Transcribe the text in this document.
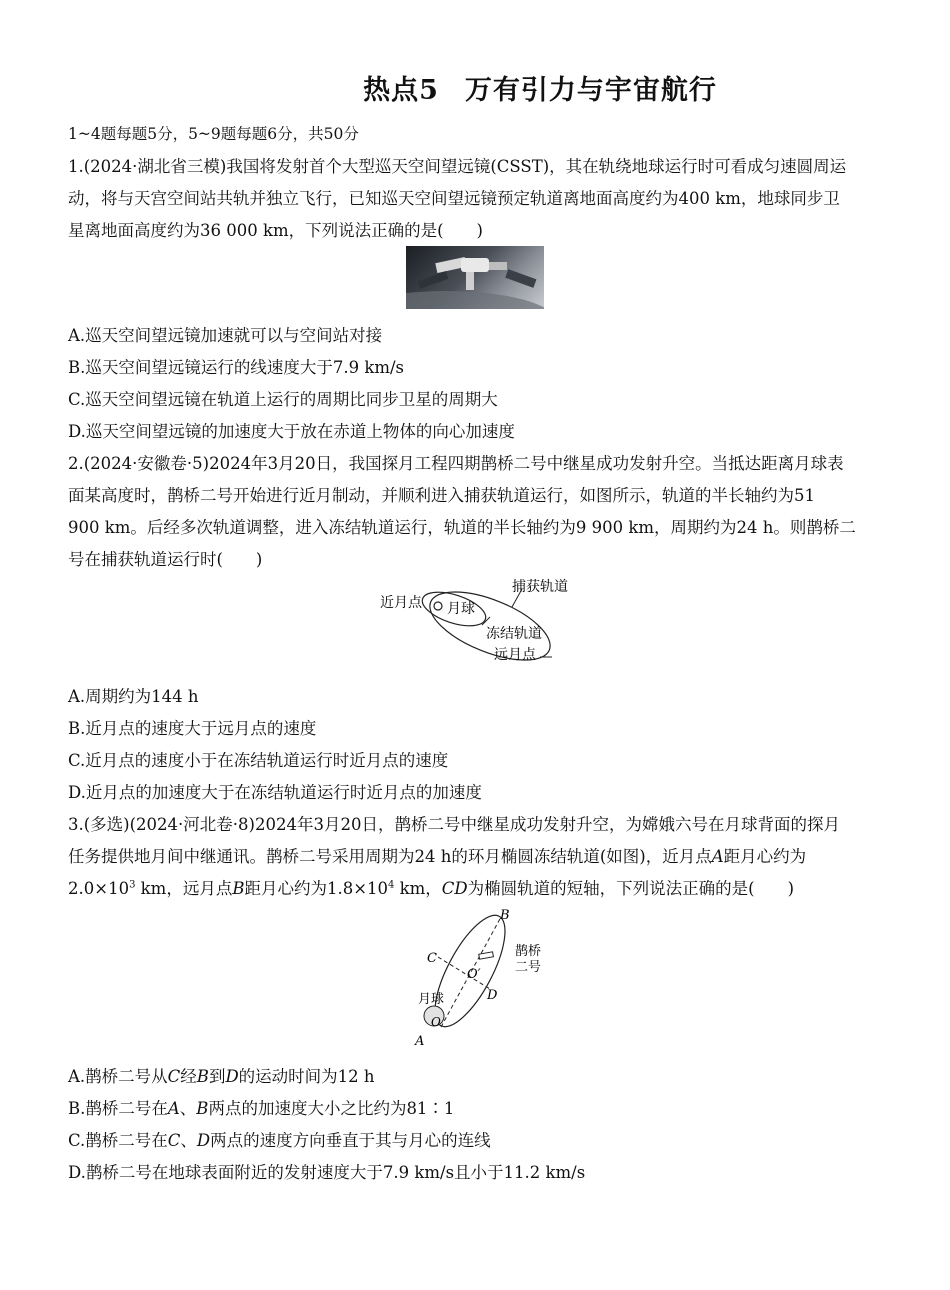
热点5 万有引力与宇宙航行
1~4题每题5分，5~9题每题6分，共50分
1.(2024·湖北省三模)我国将发射首个大型巡天空间望远镜(CSST)，其在轨绕地球运行时可看成匀速圆周运
动，将与天宫空间站共轨并独立飞行，已知巡天空间望远镜预定轨道离地面高度约为400 km，地球同步卫
星离地面高度约为36 000 km，下列说法正确的是(　　)
A.巡天空间望远镜加速就可以与空间站对接
B.巡天空间望远镜运行的线速度大于7.9 km/s
C.巡天空间望远镜在轨道上运行的周期比同步卫星的周期大
D.巡天空间望远镜的加速度大于放在赤道上物体的向心加速度
2.(2024·安徽卷·5)2024年3月20日，我国探月工程四期鹊桥二号中继星成功发射升空。当抵达距离月球表
面某高度时，鹊桥二号开始进行近月制动，并顺利进入捕获轨道运行，如图所示，轨道的半长轴约为51
900 km。后经多次轨道调整，进入冻结轨道运行，轨道的半长轴约为9 900 km，周期约为24 h。则鹊桥二
号在捕获轨道运行时(　　)
近月点 月球
捕获轨道
冻结轨道
远月点
A.周期约为144 h
B.近月点的速度大于远月点的速度
C.近月点的速度小于在冻结轨道运行时近月点的速度
D.近月点的加速度大于在冻结轨道运行时近月点的加速度
3.(多选)(2024·河北卷·8)2024年3月20日，鹊桥二号中继星成功发射升空，为嫦娥六号在月球背面的探月
任务提供地月间中继通讯。鹊桥二号采用周期为24 h的环月椭圆冻结轨道(如图)，近月点A距月心约为
$2.0\times 10^3$ km，远月点B距月心约为$1.8\times 10^4$ km，CD为椭圆轨道的短轴，下列说法正确的是(　　)
B
C
O′
D
月球
O
A
鹊桥
二号
A.鹊桥二号从C经B到D的运动时间为12 h
B.鹊桥二号在A、B两点的加速度大小之比约为81∶1
C.鹊桥二号在C、D两点的速度方向垂直于其与月心的连线
D.鹊桥二号在地球表面附近的发射速度大于7.9 km/s且小于11.2 km/s
